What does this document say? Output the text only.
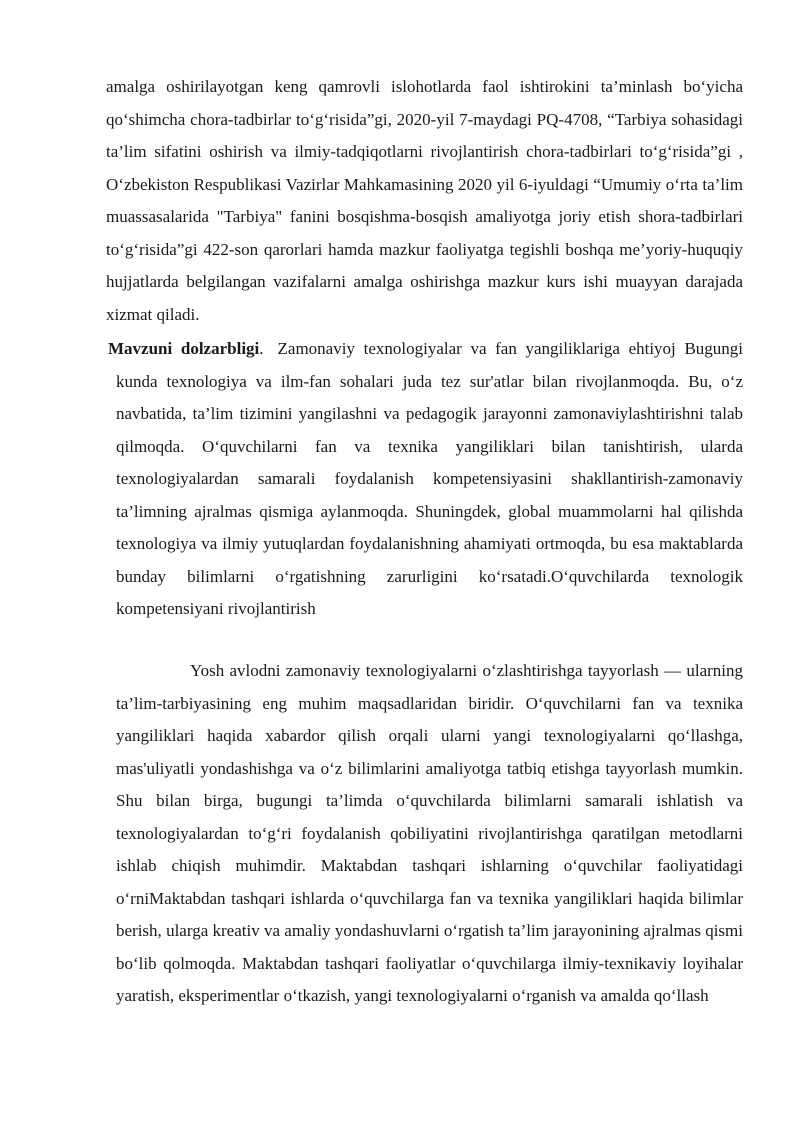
amalga oshirilayotgan keng qamrovli islohotlarda faol ishtirokini ta’minlash bo‘yicha qo‘shimcha chora-tadbirlar to‘g‘risida”gi, 2020-yil 7-maydagi PQ-4708, “Tarbiya sohasidagi ta’lim sifatini oshirish va ilmiy-tadqiqotlarni rivojlantirish chora-tadbirlari to‘g‘risida”gi , O‘zbekiston Respublikasi Vazirlar Mahkamasining 2020 yil 6-iyuldagi “Umumiy o‘rta ta’lim muassasalarida "Tarbiya" fanini bosqishma-bosqish amaliyotga joriy etish shora-tadbirlari to‘g‘risida”gi 422-son qarorlari hamda mazkur faoliyatga tegishli boshqa me’yoriy-huquqiy hujjatlarda belgilangan vazifalarni amalga oshirishga mazkur kurs ishi muayyan darajada xizmat qiladi.

Mavzuni dolzarbligi. Zamonaviy texnologiyalar va fan yangiliklariga ehtiyoj Bugungi kunda texnologiya va ilm-fan sohalari juda tez sur'atlar bilan rivojlanmoqda. Bu, o‘z navbatida, ta’lim tizimini yangilashni va pedagogik jarayonni zamonaviylashtirishni talab qilmoqda. O‘quvchilarni fan va texnika yangiliklari bilan tanishtirish, ularda texnologiyalardan samarali foydalanish kompetensiyasini shakllantirish-zamonaviy ta’limning ajralmas qismiga aylanmoqda. Shuningdek, global muammolarni hal qilishda texnologiya va ilmiy yutuqlardan foydalanishning ahamiyati ortmoqda, bu esa maktablarda bunday bilimlarni o‘rgatishning zarurligini ko‘rsatadi.O‘quvchilarda texnologik kompetensiyani rivojlantirish

Yosh avlodni zamonaviy texnologiyalarni o‘zlashtirishga tayyorlash — ularning ta’lim-tarbiyasining eng muhim maqsadlaridan biridir. O‘quvchilarni fan va texnika yangiliklari haqida xabardor qilish orqali ularni yangi texnologiyalarni qo‘llashga, mas'uliyatli yondashishga va o‘z bilimlarini amaliyotga tatbiq etishga tayyorlash mumkin. Shu bilan birga, bugungi ta’limda o‘quvchilarda bilimlarni samarali ishlatish va texnologiyalardan to‘g‘ri foydalanish qobiliyatini rivojlantirishga qaratilgan metodlarni ishlab chiqish muhimdir. Maktabdan tashqari ishlarning o‘quvchilar faoliyatidagi o‘rniMaktabdan tashqari ishlarda o‘quvchilarga fan va texnika yangiliklari haqida bilimlar berish, ularga kreativ va amaliy yondashuvlarni o‘rgatish ta’lim jarayonining ajralmas qismi bo‘lib qolmoqda. Maktabdan tashqari faoliyatlar o‘quvchilarga ilmiy-texnikaviy loyihalar yaratish, eksperimentlar o‘tkazish, yangi texnologiyalarni o‘rganish va amalda qo‘llash
